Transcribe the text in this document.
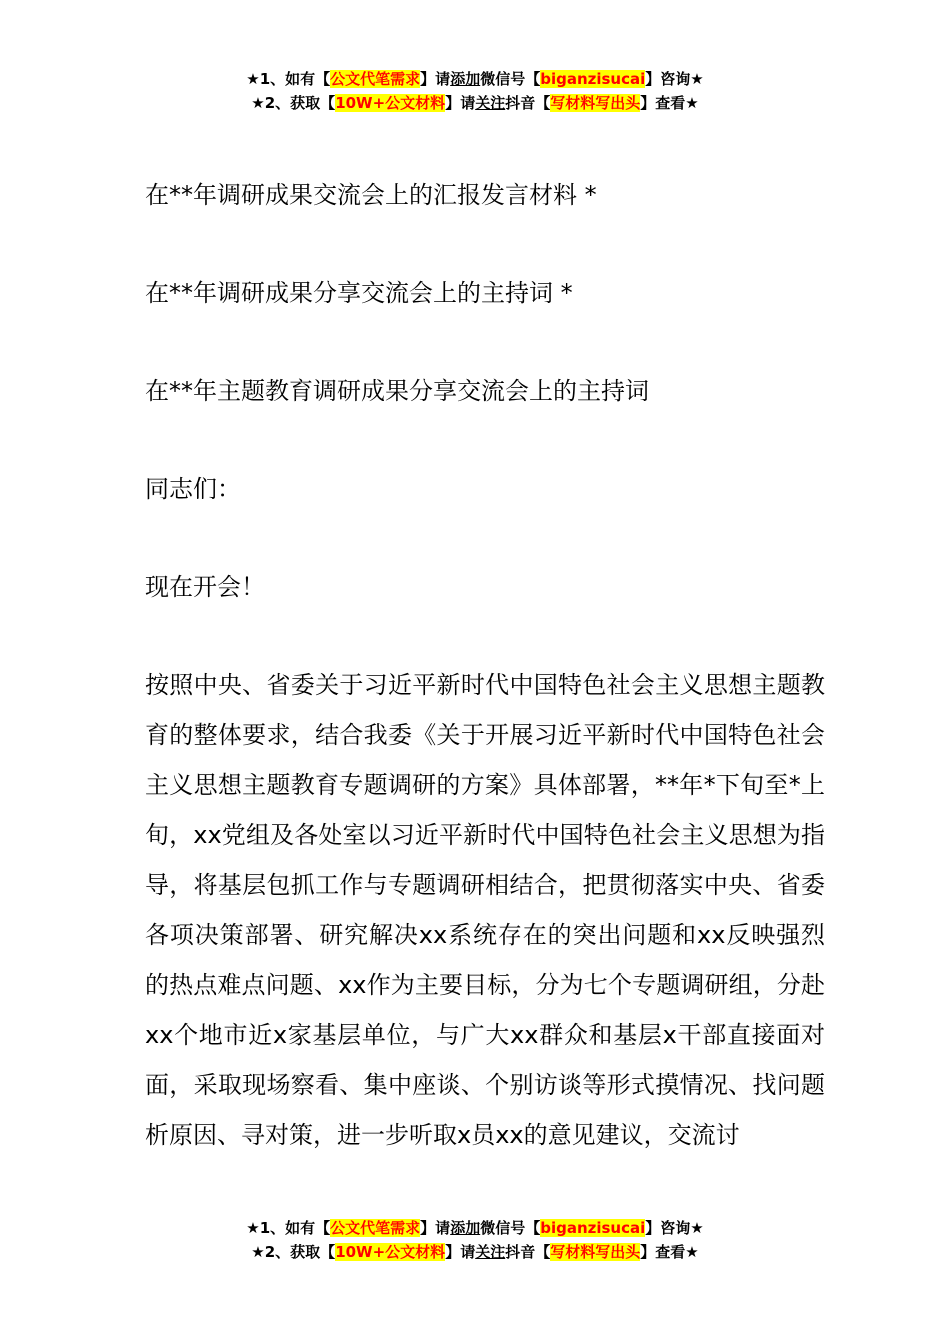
★1、如有【公文代笔需求】请添加微信号【biganzisucai】咨询★
★2、获取【10W+公文材料】请关注抖音【写材料写出头】查看★

在**年调研成果交流会上的汇报发言材料 *

在**年调研成果分享交流会上的主持词 *

在**年主题教育调研成果分享交流会上的主持词

同志们：

现在开会！

按照中央、省委关于习近平新时代中国特色社会主义思想主题教育的整体要求，结合我委《关于开展习近平新时代中国特色社会主义思想主题教育专题调研的方案》具体部署，**年*下旬至*上旬，xx党组及各处室以习近平新时代中国特色社会主义思想为指导，将基层包抓工作与专题调研相结合，把贯彻落实中央、省委各项决策部署、研究解决xx系统存在的突出问题和xx反映强烈的热点难点问题、xx作为主要目标，分为七个专题调研组，分赴xx个地市近x家基层单位，与广大xx群众和基层x干部直接面对面，采取现场察看、集中座谈、个别访谈等形式摸情况、找问题析原因、寻对策，进一步听取x员xx的意见建议，交流讨

★1、如有【公文代笔需求】请添加微信号【biganzisucai】咨询★
★2、获取【10W+公文材料】请关注抖音【写材料写出头】查看★
